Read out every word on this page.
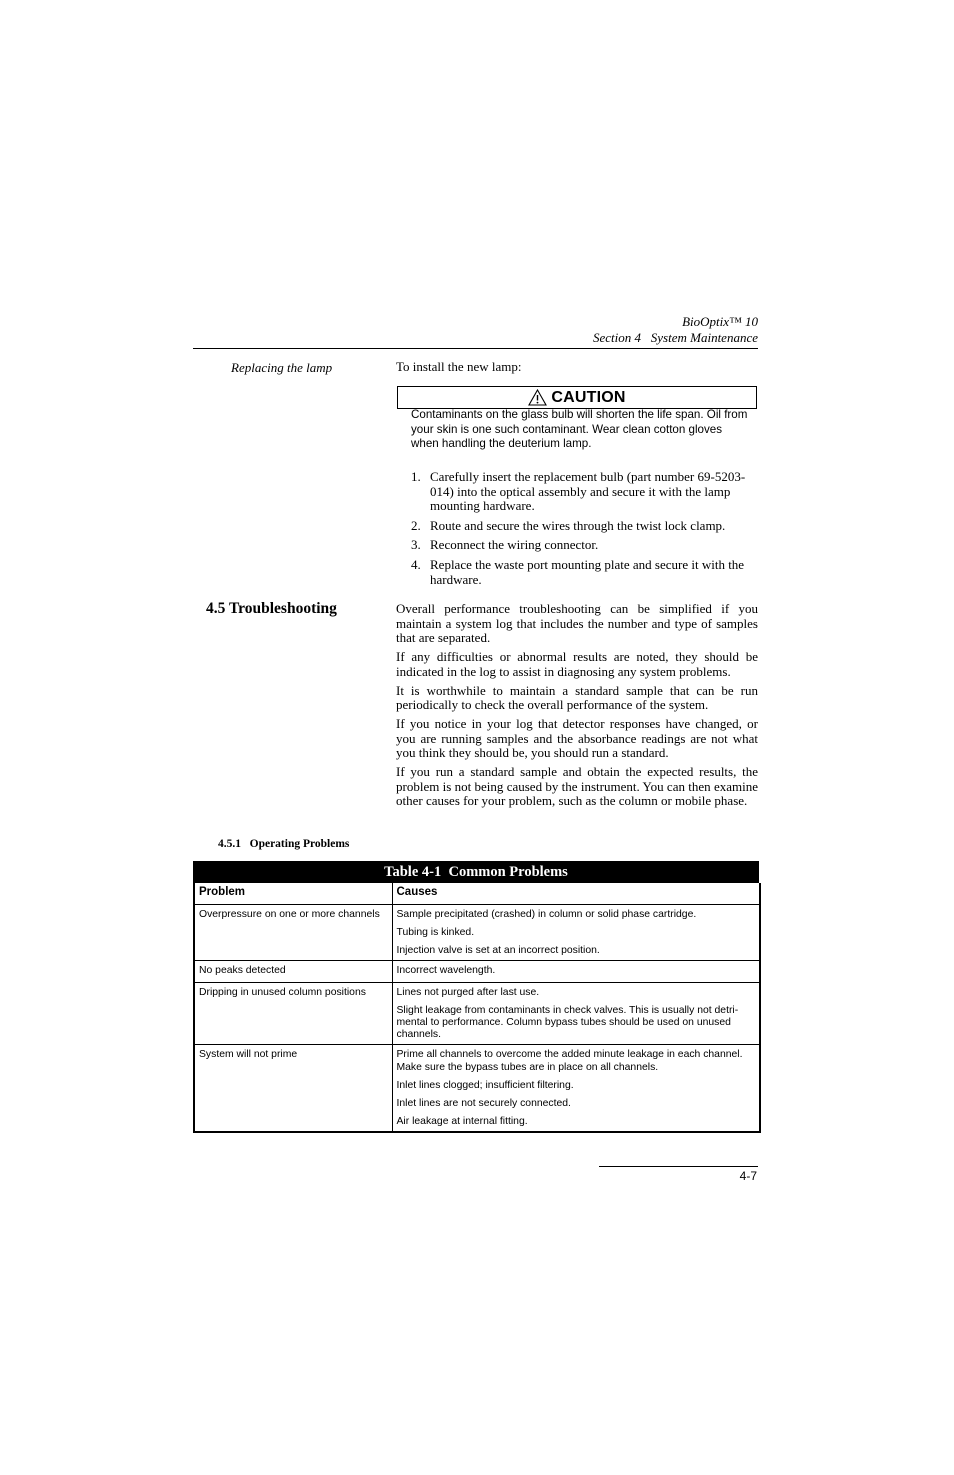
BioOptix™ 10
Section 4   System Maintenance
Replacing the lamp	To install the new lamp:
CAUTION
Contaminants on the glass bulb will shorten the life span. Oil from your skin is one such contaminant. Wear clean cotton gloves when handling the deuterium lamp.
1. Carefully insert the replacement bulb (part number 69-5203-014) into the optical assembly and secure it with the lamp mounting hardware.
2. Route and secure the wires through the twist lock clamp.
3. Reconnect the wiring connector.
4. Replace the waste port mounting plate and secure it with the hardware.
4.5 Troubleshooting	Overall performance troubleshooting can be simplified if you maintain a system log that includes the number and type of samples that are separated.

If any difficulties or abnormal results are noted, they should be indicated in the log to assist in diagnosing any system problems.

It is worthwhile to maintain a standard sample that can be run periodically to check the overall performance of the system.

If you notice in your log that detector responses have changed, or you are running samples and the absorbance readings are not what you think they should be, you should run a standard.

If you run a standard sample and obtain the expected results, the problem is not being caused by the instrument. You can then examine other causes for your problem, such as the column or mobile phase.

4.5.1   Operating Problems
Table 4-1  Common Problems
Problem	Causes
Overpressure on one or more channels	Sample precipitated (crashed) in column or solid phase cartridge.
Tubing is kinked.
Injection valve is set at an incorrect position.

No peaks detected	Incorrect wavelength.

Dripping in unused column positions	Lines not purged after last use.
Slight leakage from contaminants in check valves. This is usually not detri-mental to performance. Column bypass tubes should be used on unused channels.

System will not prime	Prime all channels to overcome the added minute leakage in each channel. Make sure the bypass tubes are in place on all channels.
Inlet lines clogged; insufficient filtering.
Inlet lines are not securely connected.
Air leakage at internal fitting.
4-7
